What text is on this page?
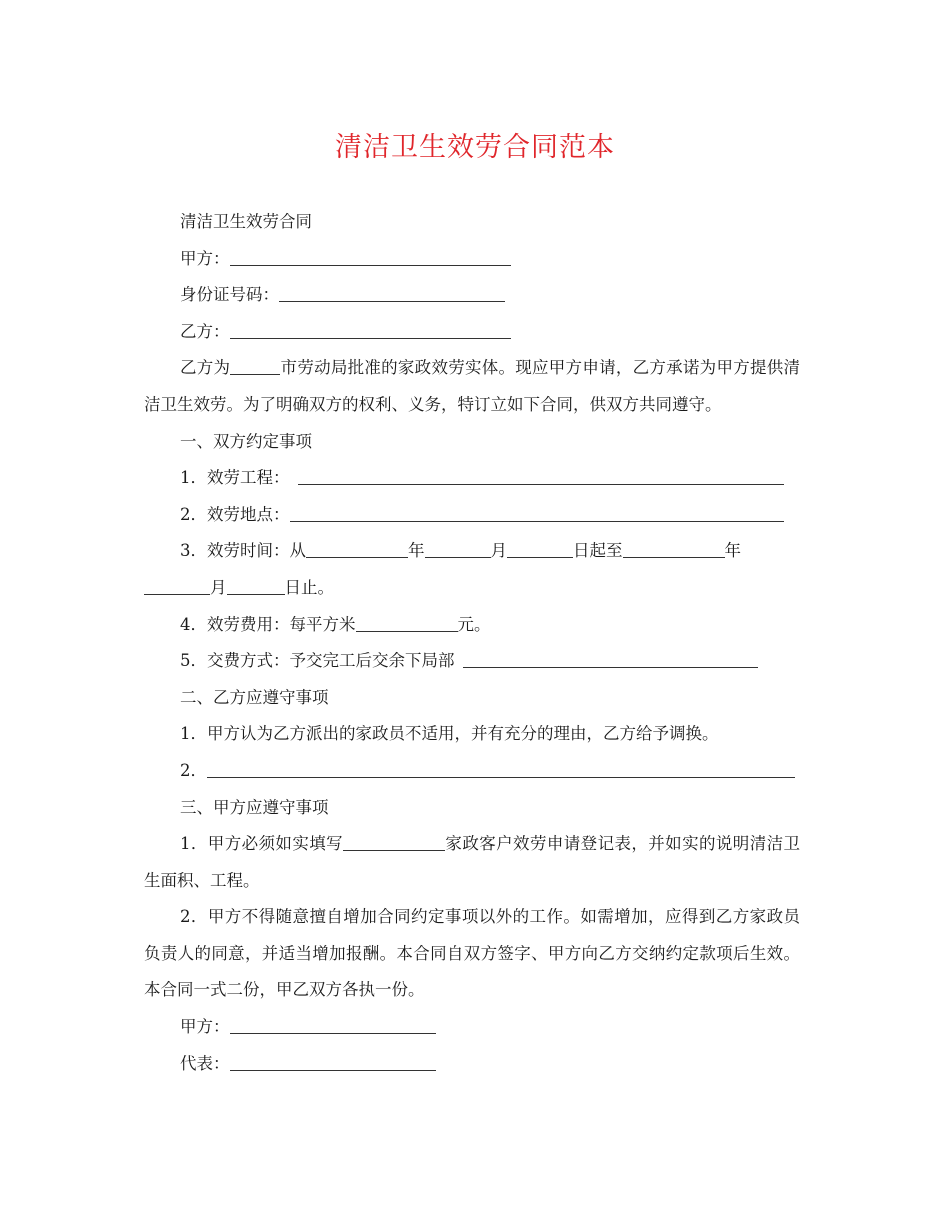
清洁卫生效劳合同范本

清洁卫生效劳合同

甲方：

身份证号码：

乙方：

乙方为	市劳动局批准的家政效劳实体。现应甲方申请，乙方承诺为甲方提供清洁卫生效劳。为了明确双方的权利、义务，特订立如下合同，供双方共同遵守。

一、双方约定事项

1．效劳工程：

2．效劳地点：

3．效劳时间：从	年	月	日起至	年

月	日止。

4．效劳费用：每平方米	元。

5．交费方式：予交完工后交余下局部

二、乙方应遵守事项

1．甲方认为乙方派出的家政员不适用，并有充分的理由，乙方给予调换。

2．

三、甲方应遵守事项

1．甲方必须如实填写	家政客户效劳申请登记表，并如实的说明清洁卫生面积、工程。

2．甲方不得随意擅自增加合同约定事项以外的工作。如需增加，应得到乙方家政员负责人的同意，并适当增加报酬。本合同自双方签字、甲方向乙方交纳约定款项后生效。本合同一式二份，甲乙双方各执一份。

甲方：

代表：
